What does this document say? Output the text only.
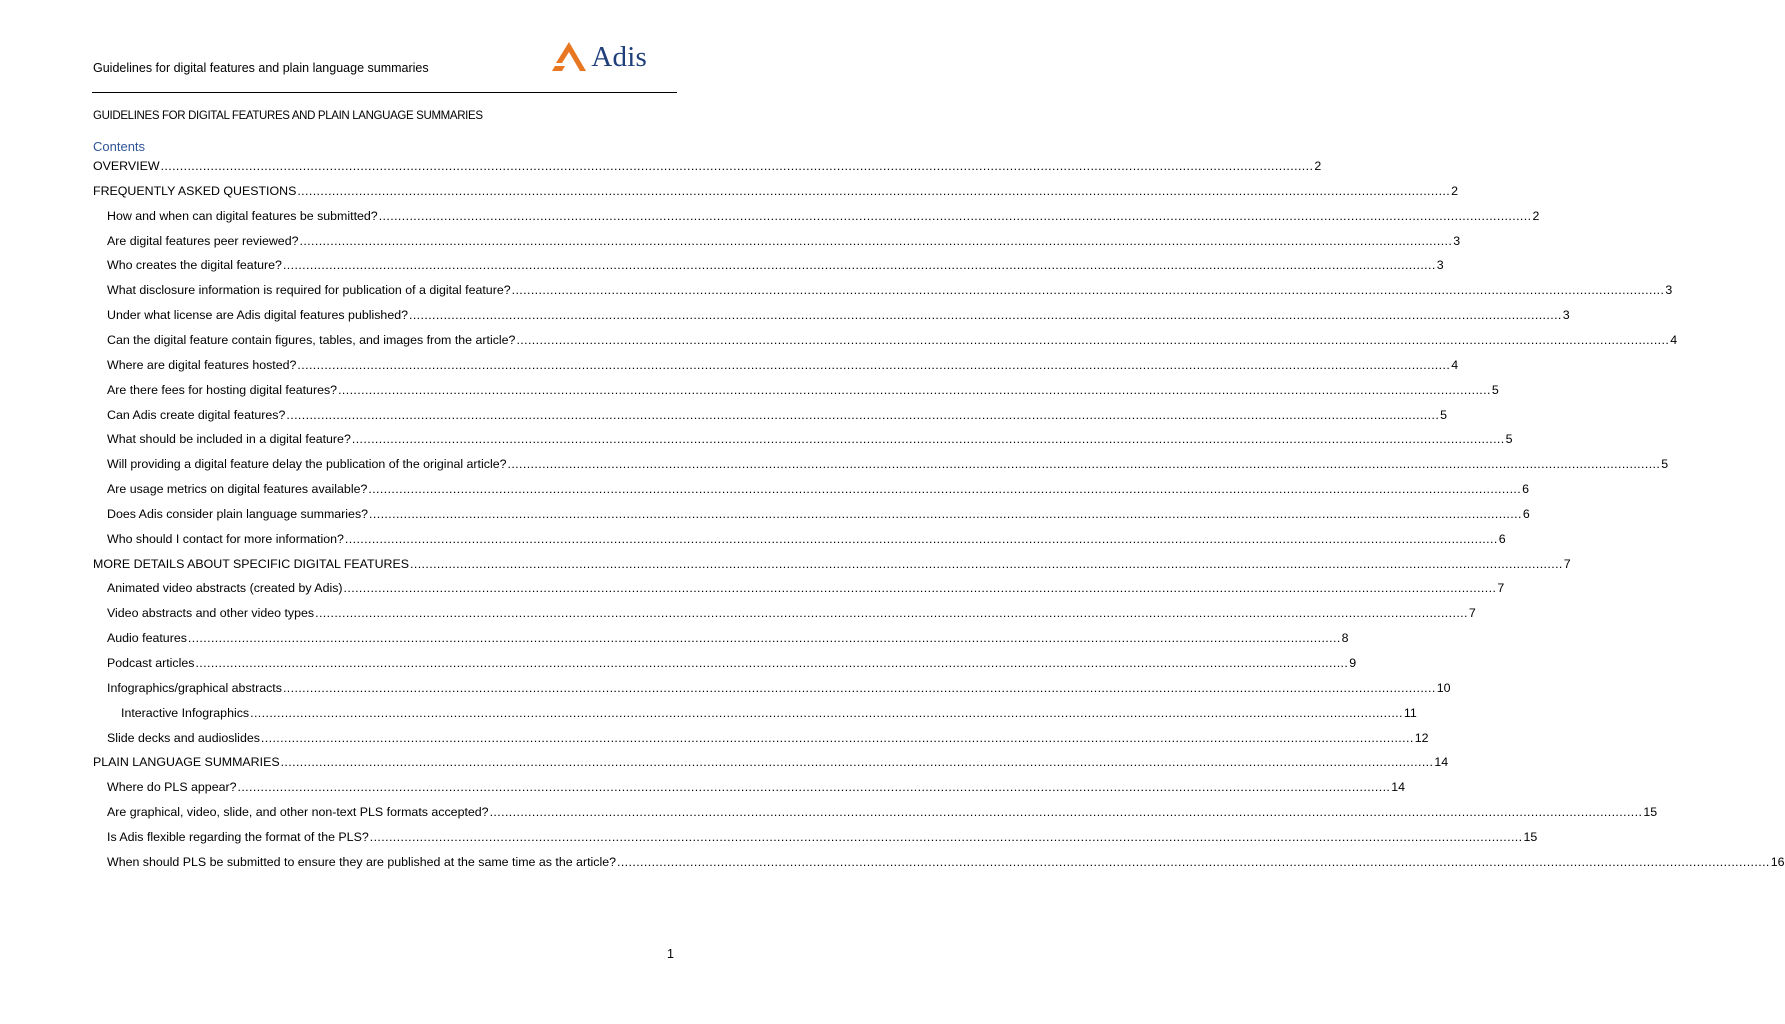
Guidelines for digital features and plain language summaries	Adis
GUIDELINES FOR DIGITAL FEATURES AND PLAIN LANGUAGE SUMMARIES
Contents
OVERVIEW ............................................................................................................................................................................................................................................................................................................ 2
FREQUENTLY ASKED QUESTIONS ............................................................................................................................................................................................................................................................................................................ 2
How and when can digital features be submitted? ............................................................................................................................................................................................................................................................................................................ 2
Are digital features peer reviewed? ............................................................................................................................................................................................................................................................................................................ 3
Who creates the digital feature? ............................................................................................................................................................................................................................................................................................................ 3
What disclosure information is required for publication of a digital feature? ............................................................................................................................................................................................................................................................................................................ 3
Under what license are Adis digital features published? ............................................................................................................................................................................................................................................................................................................ 3
Can the digital feature contain figures, tables, and images from the article? ............................................................................................................................................................................................................................................................................................................ 4
Where are digital features hosted? ............................................................................................................................................................................................................................................................................................................ 4
Are there fees for hosting digital features? ............................................................................................................................................................................................................................................................................................................ 5
Can Adis create digital features? ............................................................................................................................................................................................................................................................................................................ 5
What should be included in a digital feature? ............................................................................................................................................................................................................................................................................................................ 5
Will providing a digital feature delay the publication of the original article? ............................................................................................................................................................................................................................................................................................................ 5
Are usage metrics on digital features available? ............................................................................................................................................................................................................................................................................................................ 6
Does Adis consider plain language summaries? ............................................................................................................................................................................................................................................................................................................ 6
Who should I contact for more information? ............................................................................................................................................................................................................................................................................................................ 6
MORE DETAILS ABOUT SPECIFIC DIGITAL FEATURES ............................................................................................................................................................................................................................................................................................................ 7
Animated video abstracts (created by Adis) ............................................................................................................................................................................................................................................................................................................ 7
Video abstracts and other video types ............................................................................................................................................................................................................................................................................................................ 7
Audio features ............................................................................................................................................................................................................................................................................................................ 8
Podcast articles ............................................................................................................................................................................................................................................................................................................ 9
Infographics/graphical abstracts ............................................................................................................................................................................................................................................................................................................ 10
Interactive Infographics ............................................................................................................................................................................................................................................................................................................ 11
Slide decks and audioslides ............................................................................................................................................................................................................................................................................................................ 12
PLAIN LANGUAGE SUMMARIES ............................................................................................................................................................................................................................................................................................................ 14
Where do PLS appear? ............................................................................................................................................................................................................................................................................................................ 14
Are graphical, video, slide, and other non-text PLS formats accepted? ............................................................................................................................................................................................................................................................................................................ 15
Is Adis flexible regarding the format of the PLS? ............................................................................................................................................................................................................................................................................................................ 15
When should PLS be submitted to ensure they are published at the same time as the article? ............................................................................................................................................................................................................................................................................................................ 16
1
